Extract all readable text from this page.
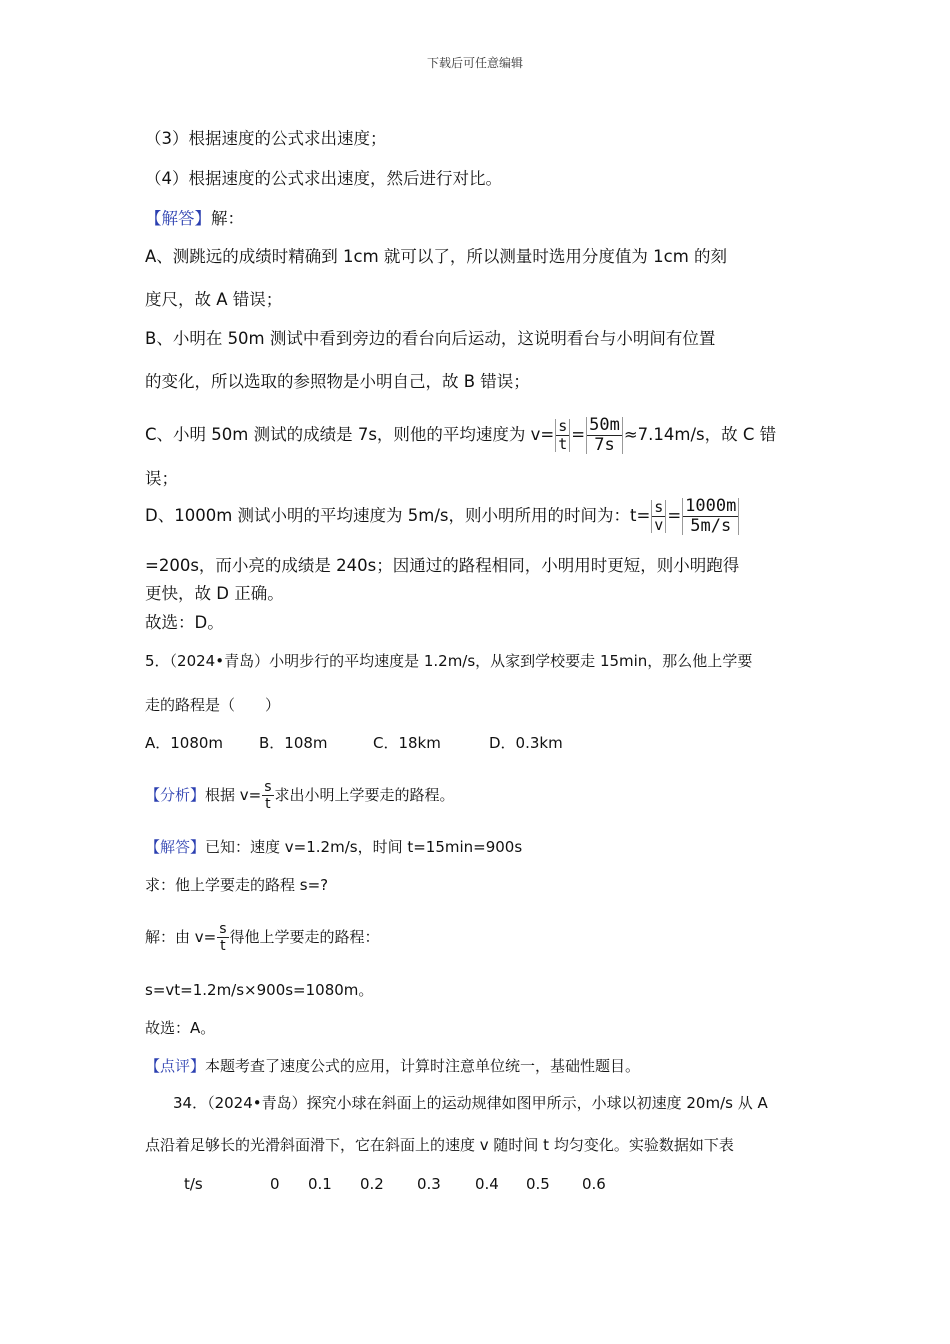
下载后可任意编辑
（3）根据速度的公式求出速度；
（4）根据速度的公式求出速度，然后进行对比。
【解答】解：
A、测跳远的成绩时精确到 1cm 就可以了，所以测量时选用分度值为 1cm 的刻
度尺，故 A 错误；
B、小明在 50m 测试中看到旁边的看台向后运动，这说明看台与小明间有位置
的变化，所以选取的参照物是小明自己，故 B 错误；
C、小明 50m 测试的成绩是 7s，则他的平均速度为 $v= \frac{s}{t} = \frac{50m}{7s} \approx 7.14m/s$，故 C 错
误；
D、1000m 测试小明的平均速度为 5m/s，则小明所用的时间为：$t= \frac{s}{v} = \frac{1000m}{5m/s}$
=200s，而小亮的成绩是 240s；因通过的路程相同，小明用时更短，则小明跑得
更快，故 D 正确。
故选：D。
5．（2024•青岛）小明步行的平均速度是 1.2m/s，从家到学校要走 15min，那么他上学要
走的路程是（　　）
A．1080m B．108m	C．18km	D．0.3km
【分析】根据 $v= \frac{s}{t}$ 求出小明上学要走的路程。
【解答】已知：速度 v=1.2m/s，时间 t=15min=900s
求：他上学要走的路程 s=?
解：由 $v= \frac{s}{t}$ 得他上学要走的路程：
s=vt=1.2m/s×900s=1080m。
故选：A。
【点评】本题考查了速度公式的应用，计算时注意单位统一，基础性题目。
34．（2024•青岛）探究小球在斜面上的运动规律如图甲所示，小球以初速度 20m/s 从 A
点沿着足够长的光滑斜面滑下，它在斜面上的速度 v 随时间 t 均匀变化。实验数据如下表
t/s	0 0.1 0.2 0.3 0.4 0.5 0.6
